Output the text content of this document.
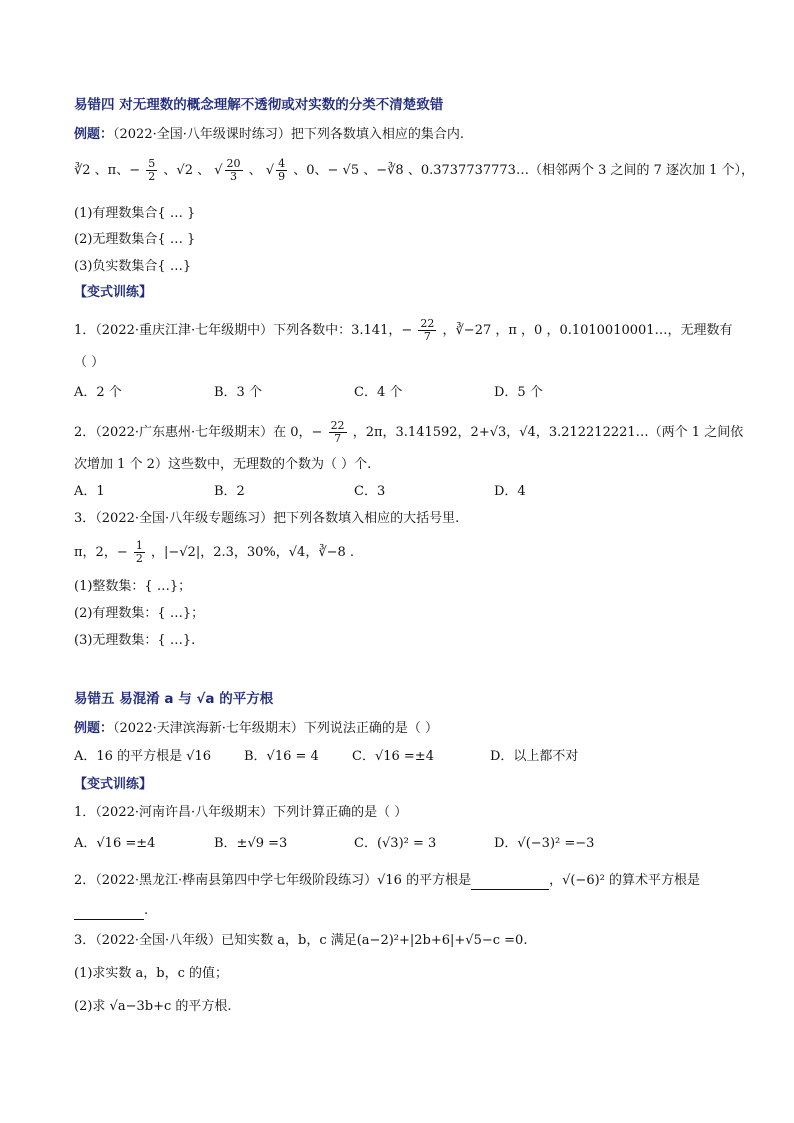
易错四 对无理数的概念理解不透彻或对实数的分类不清楚致错
例题：（2022·全国·八年级课时练习）把下列各数填入相应的集合内.
∛2 、π、− $\frac{5}{2}$ 、√2 、 √ $\frac{20}{3}$ 、 √ $\frac{4}{9}$ 、0、− √5 、−∛8 、0.3737737773…（相邻两个 3 之间的 7 逐次加 1 个），
(1)有理数集合{ … }
(2)无理数集合{ … }
(3)负实数集合{ …}
【变式训练】
1．（2022·重庆江津·七年级期中）下列各数中：3.141，− $\frac{22}{7}$ ，∛−27 ，π ，0 ，0.1010010001…，无理数有
（ ）
A．2 个	B．3 个	C．4 个	D．5 个
2．（2022·广东惠州·七年级期末）在 0，− $\frac{22}{7}$ ，2π，3.141592，2+√3，√4，3.212212221…（两个 1 之间依
次增加 1 个 2）这些数中，无理数的个数为（ ）个.
A．1	B．2	C．3	D．4
3．（2022·全国·八年级专题练习）把下列各数填入相应的大括号里.
π，2，− $\frac{1}{2}$ ，|−√2|，2.3，30%，√4，∛−8 .
(1)整数集：{ …}；
(2)有理数集：{ …}；
(3)无理数集：{ …}.
易错五 易混淆 a 与 √a 的平方根
例题：（2022·天津滨海新·七年级期末）下列说法正确的是（ ）
A．16 的平方根是 √16	B．√16 = 4	C．√16 =±4	D．以上都不对
【变式训练】
1．（2022·河南许昌·八年级期末）下列计算正确的是（ ）
A．√16 =±4	B．±√9 =3	C．(√3)² = 3	D．√(−3)² =−3
2．（2022·黑龙江·桦南县第四中学七年级阶段练习）√16 的平方根是	，√(−6)² 的算术平方根是
.
3．（2022·全国·八年级）已知实数 a，b，c 满足(a−2)²+|2b+6|+√5−c =0.
(1)求实数 a，b，c 的值；
(2)求 √a−3b+c 的平方根.
